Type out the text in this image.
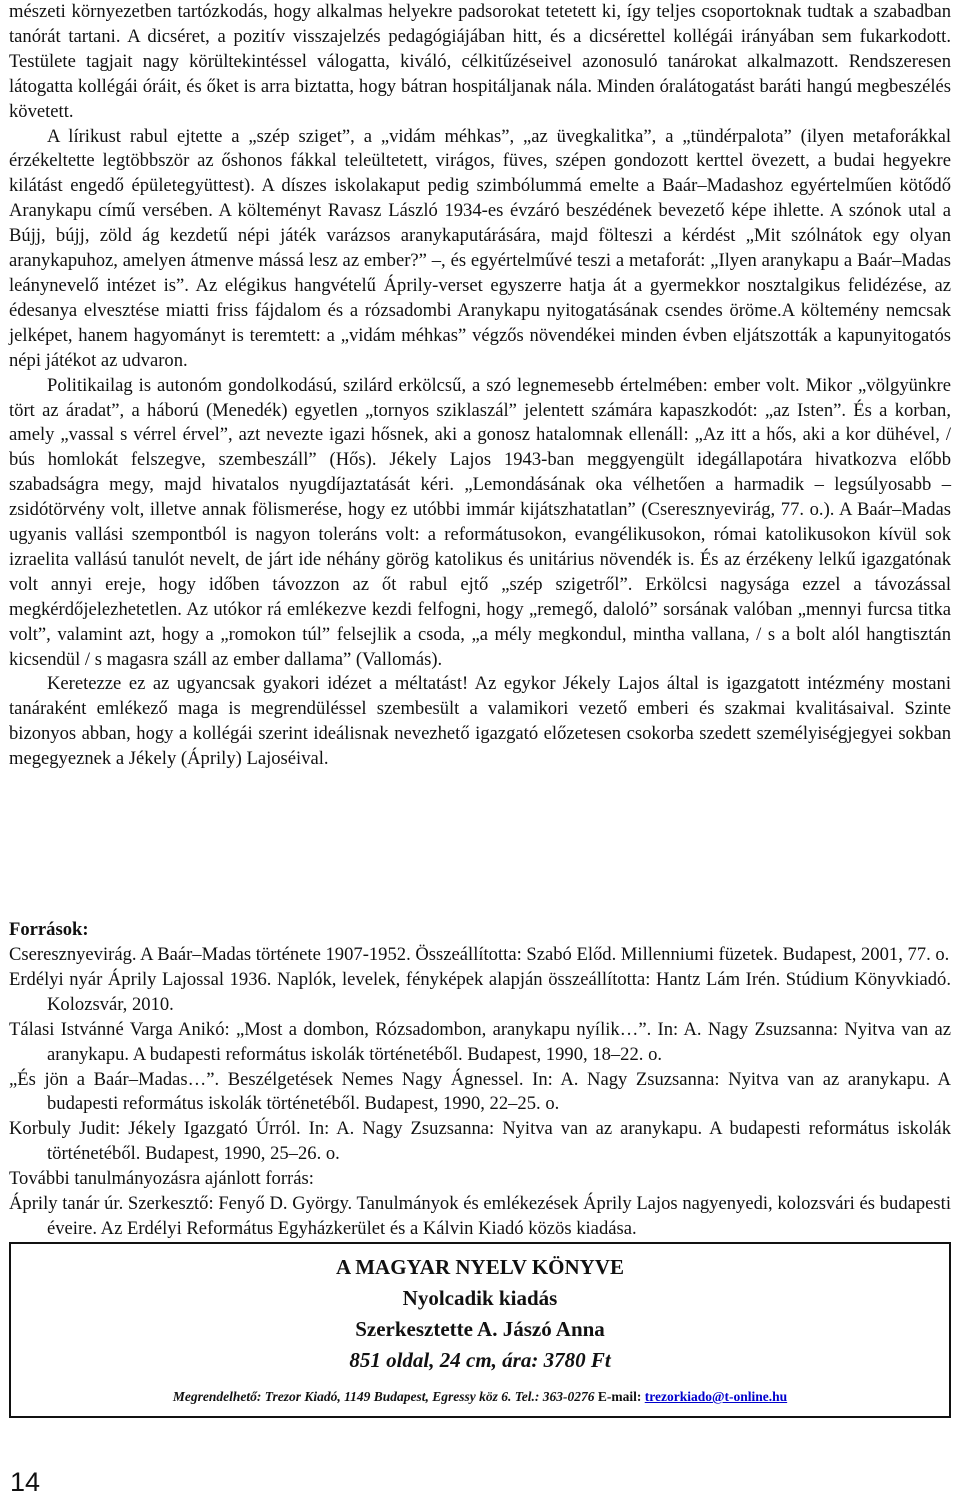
mészeti környezetben tartózkodás, hogy alkalmas helyekre padsorokat tetetett ki, így teljes csoportoknak tudtak a szabadban tanórát tartani. A dicséret, a pozitív visszajelzés pedagógiájában hitt, és a dicsérettel kollégái irányában sem fukarkodott. Testülete tagjait nagy körültekintéssel válogatta, kiváló, célkitűzéseivel azonosuló tanárokat alkalmazott. Rendszeresen látogatta kollégái óráit, és őket is arra biztatta, hogy bátran hospitáljanak nála. Minden óralátogatást baráti hangú megbeszélés követett.

A lírikust rabul ejtette a „szép sziget”, a „vidám méhkas”, „az üvegkalitka”, a „tündérpalota” (ilyen metaforákkal érzékeltette legtöbbször az őshonos fákkal teleültetett, virágos, füves, szépen gondozott kerttel övezett, a budai hegyekre kilátást engedő épületegyüttest). A díszes iskolakaput pedig szimbólummá emelte a Baár–Madashoz egyértelműen kötődő Aranykapu című versében. A költeményt Ravasz László 1934-es évzáró beszédének bevezető képe ihlette. A szónok utal a Bújj, bújj, zöld ág kezdetű népi játék varázsos aranykaputárására, majd fölteszi a kérdést „Mit szólnátok egy olyan aranykapuhoz, amelyen átmenve mássá lesz az ember?” –, és egyértelművé teszi a metaforát: „Ilyen aranykapu a Baár–Madas leánynevelő intézet is”. Az elégikus hangvételű Áprily-verset egyszerre hatja át a gyermekkor nosztalgikus felidézése, az édesanya elvesztése miatti friss fájdalom és a rózsadombi Aranykapu nyitogatásának csendes öröme.A költemény nemcsak jelképet, hanem hagyományt is teremtett: a „vidám méhkas” végzős növendékei minden évben eljátszották a kapunyitogatós népi játékot az udvaron.

Politikailag is autonóm gondolkodású, szilárd erkölcsű, a szó legnemesebb értelmében: ember volt. Mikor „völgyünkre tört az áradat”, a háború (Menedék) egyetlen „tornyos sziklaszál” jelentett számára kapaszkodót: „az Isten”. És a korban, amely „vassal s vérrel érvel”, azt nevezte igazi hősnek, aki a gonosz hatalomnak ellenáll: „Az itt a hős, aki a kor dühével, / bús homlokát felszegve, szembeszáll” (Hős). Jékely Lajos 1943-ban meggyengült idegállapotára hivatkozva előbb szabadságra megy, majd hivatalos nyugdíjaztatását kéri. „Lemondásának oka vélhetően a harmadik – legsúlyosabb – zsidótörvény volt, illetve annak fölismerése, hogy ez utóbbi immár kijátszhatatlan” (Cseresznyevirág, 77. o.). A Baár–Madas ugyanis vallási szempontból is nagyon toleráns volt: a reformátusokon, evangélikusokon, római katolikusokon kívül sok izraelita vallású tanulót nevelt, de járt ide néhány görög katolikus és unitárius növendék is. És az érzékeny lelkű igazgatónak volt annyi ereje, hogy időben távozzon az őt rabul ejtő „szép szigetről”. Erkölcsi nagysága ezzel a távozással megkérdőjelezhetetlen. Az utókor rá emlékezve kezdi felfogni, hogy „remegő, daloló” sorsának valóban „mennyi furcsa titka volt”, valamint azt, hogy a „romokon túl” felsejlik a csoda, „a mély megkondul, mintha vallana, / s a bolt alól hangtisztán kicsendül / s magasra száll az ember dallama” (Vallomás).

Keretezze ez az ugyancsak gyakori idézet a méltatást! Az egykor Jékely Lajos által is igazgatott intézmény mostani tanáraként emlékező maga is megrendüléssel szembesült a valamikori vezető emberi és szakmai kvalitásaival. Szinte bizonyos abban, hogy a kollégái szerint ideálisnak nevezhető igazgató előzetesen csokorba szedett személyiségjegyei sokban megegyeznek a Jékely (Áprily) Lajoséival.

Források:

Cseresznyevirág. A Baár–Madas története 1907-1952. Összeállította: Szabó Előd. Millenniumi füzetek. Budapest, 2001, 77. o.

Erdélyi nyár Áprily Lajossal 1936. Naplók, levelek, fényképek alapján összeállította: Hantz Lám Irén. Stúdium Könyvkiadó. Kolozsvár, 2010.

Tálasi Istvánné Varga Anikó: „Most a dombon, Rózsadombon, aranykapu nyílik…”. In: A. Nagy Zsuzsanna: Nyitva van az aranykapu. A budapesti református iskolák történetéből. Budapest, 1990, 18–22. o.

„És jön a Baár–Madas…”. Beszélgetések Nemes Nagy Ágnessel. In: A. Nagy Zsuzsanna: Nyitva van az aranykapu. A budapesti református iskolák történetéből. Budapest, 1990, 22–25. o.

Korbuly Judit: Jékely Igazgató Úrról. In: A. Nagy Zsuzsanna: Nyitva van az aranykapu. A budapesti református iskolák történetéből. Budapest, 1990, 25–26. o.

További tanulmányozásra ajánlott forrás:

Áprily tanár úr. Szerkesztő: Fenyő D. György. Tanulmányok és emlékezések Áprily Lajos nagyenyedi, kolozsvári és budapesti éveire. Az Erdélyi Református Egyházkerület és a Kálvin Kiadó közös kiadása.

A MAGYAR NYELV KÖNYVE
Nyolcadik kiadás
Szerkesztette A. Jászó Anna
851 oldal, 24 cm, ára: 3780 Ft
Megrendelhető: Trezor Kiadó, 1149 Budapest, Egressy köz 6. Tel.: 363-0276 E-mail: trezorkiado@t-online.hu
14
